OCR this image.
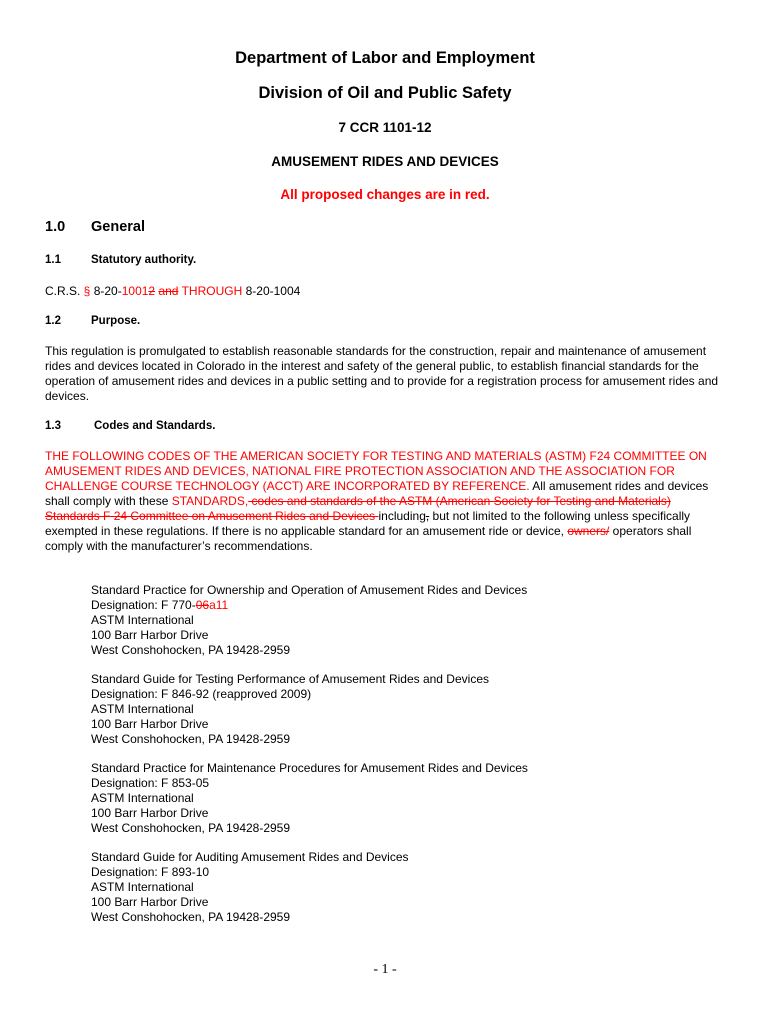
Department of Labor and Employment
Division of Oil and Public Safety
7 CCR 1101-12
AMUSEMENT RIDES AND DEVICES
All proposed changes are in red.
1.0 General
1.1	Statutory authority.
C.R.S. § 8-20-10012 and THROUGH 8-20-1004
1.2	Purpose.
This regulation is promulgated to establish reasonable standards for the construction, repair and maintenance of amusement rides and devices located in Colorado in the interest and safety of the general public, to establish financial standards for the operation of amusement rides and devices in a public setting and to provide for a registration process for amusement rides and devices.
1.3	Codes and Standards.
THE FOLLOWING CODES OF THE AMERICAN SOCIETY FOR TESTING AND MATERIALS (ASTM) F24 COMMITTEE ON AMUSEMENT RIDES AND DEVICES, NATIONAL FIRE PROTECTION ASSOCIATION AND THE ASSOCIATION FOR CHALLENGE COURSE TECHNOLOGY (ACCT) ARE INCORPORATED BY REFERENCE. All amusement rides and devices shall comply with these STANDARDS, codes and standards of the ASTM (American Society for Testing and Materials) Standards F 24 Committee on Amusement Rides and Devices including, but not limited to the following unless specifically exempted in these regulations. If there is no applicable standard for an amusement ride or device, owners/ operators shall comply with the manufacturer’s recommendations.
Standard Practice for Ownership and Operation of Amusement Rides and Devices
Designation: F 770-06a11
ASTM International
100 Barr Harbor Drive
West Conshohocken, PA 19428-2959
Standard Guide for Testing Performance of Amusement Rides and Devices
Designation: F 846-92 (reapproved 2009)
ASTM International
100 Barr Harbor Drive
West Conshohocken, PA 19428-2959
Standard Practice for Maintenance Procedures for Amusement Rides and Devices
Designation: F 853-05
ASTM International
100 Barr Harbor Drive
West Conshohocken, PA 19428-2959
Standard Guide for Auditing Amusement Rides and Devices
Designation: F 893-10
ASTM International
100 Barr Harbor Drive
West Conshohocken, PA 19428-2959
- 1 -
